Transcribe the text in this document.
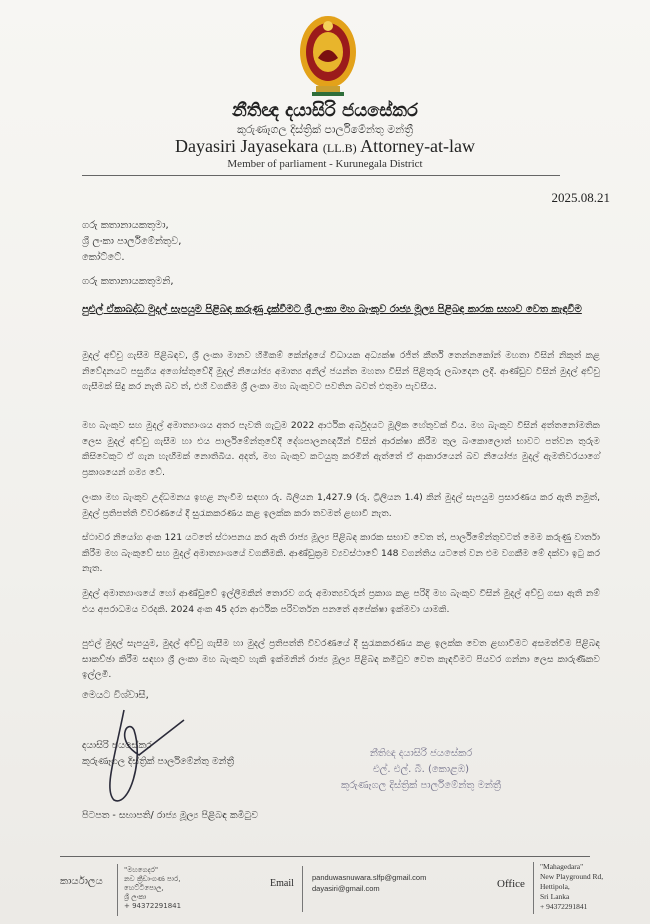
නීතිඥ දයාසිරි ජයසේකර
කුරුණෑගල දිස්ත්‍රික් පාර්ලිමේන්තු මන්ත්‍රී
Dayasiri Jayasekara (LL.B) Attorney-at-law
Member of parliament - Kurunegala District
2025.08.21
ගරු කතානායකතුමා,
ශ්‍රී ලංකා පාර්ලිමේන්තුව,
කෝට්ටේ.
ගරු කතානායකතුමනි,
පුළුල් ඒකාබද්ධ මුදල් සැපයුම පිළිබඳ කරුණු දැක්වීමට ශ්‍රී ලංකා මහ බැංකුව රාජ්‍ය මූල්‍ය පිළිබඳ කාරක සභාව වෙත කැඳවීම
මුදල් අච්චු ගැසීම පිළිබඳව, ශ්‍රී ලංකා මානව හිමිකම් කේන්ද්‍රයේ විධායක අධ්‍යක්ෂ රජිත් කීර්ති තෙන්නකෝන් මහතා විසින් නිකුත් කළ නිවේදනයට පසුගිය අගෝස්තුවේදී මුදල් නියෝජ්‍ය අමාත්‍ය අනිල් ජයන්ත මහතා විසින් පිළිතුරු ලබාදෙන ලදී. ආණ්ඩුව විසින් මුදල් අච්චු ගැසීමක් සිදු කර නැති බව ත්, එහි වගකීම ශ්‍රී ලංකා මහ බැංකුවට පවතින බවත් එතුමා පැවසීය.
මහ බැංකුව සහ මුදල් අමාත්‍යාංශය අතර පැවති ගැටුම 2022 ආර්ථික අර්බුදයට මූලික හේතුවක් විය. මහ බැංකුව විසින් අත්තනෝමතික ලෙස මුදල් අච්චු ගැසීම හා එය පාර්ලිමේන්තුවේදී දේශපාලනඥයින් විසින් ආරක්ෂා කිරීම තුල බංකොලොත් භාවට පත්වන තුරුම කිසිවෙකුට ඒ ගැන හැඟීමක් නොතිබිය. අදත්, මහ බැංකුව කටයුතු කරමින් ඇත්තේ ඒ ආකාරයෙන් බව නියෝජ්‍ය මුදල් ඇමතිවරයාගේ ප්‍රකාශයෙන් ගම්‍ය වේ.
ලංකා මහ බැංකුව උද්ධමනය ඉහළ නැංවීම සඳහා රු. බිලියන 1,427.9 (රු. ට්‍රිලියන 1.4) කින් මුදල් සැපයුම ප්‍රසාරණය කර ඇති නමුත්, මුදල් ප්‍රතිපත්ති විවරණයේ දී සුරැකකරණය කළ ඉලක්ක කරා තවමත් ළඟාවී නැත.
ස්ථාවර නියෝග අංක 121 යටතේ ස්ථාපනය කර ඇති රාජ්‍ය මූල්‍ය පිළිබඳ කාරක සභාව වෙත ත්, පාර්ලිමේන්තුවටත් මෙම කරුණු වාර්තා කිරීම මහ බැංකුවේ සහ මුදල් අමාත්‍යාංශයේ වගකීමකි. ආණ්ඩුක්‍රම ව්‍යවස්ථාවේ 148 වගන්තිය යටතේ වන එම වගකීම මේ දක්වා ඉටු කර නැත.
මුදල් අමාත්‍යාංශයේ හෝ ආණ්ඩුවේ ඉල්ලීමකින් තොරව ගරු අමාත්‍යවරුන් ප්‍රකාශ කළ පරිදි මහ බැංකුව විසින් මුදල් අච්චු ගසා ඇති නම් එය අපරාධමය වරදකි. 2024 අංක 45 දරන ආර්ථික පරිවර්තන පනතේ අපේක්ෂා ඉක්මවා යාමකි.
පුළුල් මුදල් සැපයුම, මුදල් අච්චු ගැසීම හා මුදල් ප්‍රතිපත්ති විවරණයේ දී සුරැකකරණය කළ ඉලක්ක වෙත ළඟාවීමට අසමත්වීම පිළිබඳ සාකච්ඡා කිරීම සඳහා ශ්‍රී ලංකා මහ බැංකුව හැකි ඉක්මනින් රාජ්‍ය මූල්‍ය පිළිබඳ කමිටුව වෙත කැඳවීමට පියවර ගන්නා ලෙස කාරුණිකව ඉල්ලමි.
මෙයට විශ්වාසී,
දයාසිරි ජයසේකර
කුරුණෑගල දිස්ත්‍රික් පාර්ලිමේන්තු මන්ත්‍රී
නීතිඥ දයාසිරි ජයසේකර
එල්. එල්. බී. (කොළඹ)
කුරුණෑගල දිස්ත්‍රික් පාර්ලිමේන්තු මන්ත්‍රී
පිටපත - සභාපති/ රාජ්‍ය මූල්‍ය පිළිබඳ කමිටුව
කාර්යාලය
"මහගෙදර"
නව ක්‍රීඩාංගණ පාර,
හෙට්ටිපොල,
ශ්‍රී ලංකා
+ 94372291841
Email
panduwasnuwara.slfp@gmail.com
dayasiri@gmail.com	Office
"Mahagedara"
New Playground Rd,
Hettipola,
Sri Lanka
+ 94372291841
